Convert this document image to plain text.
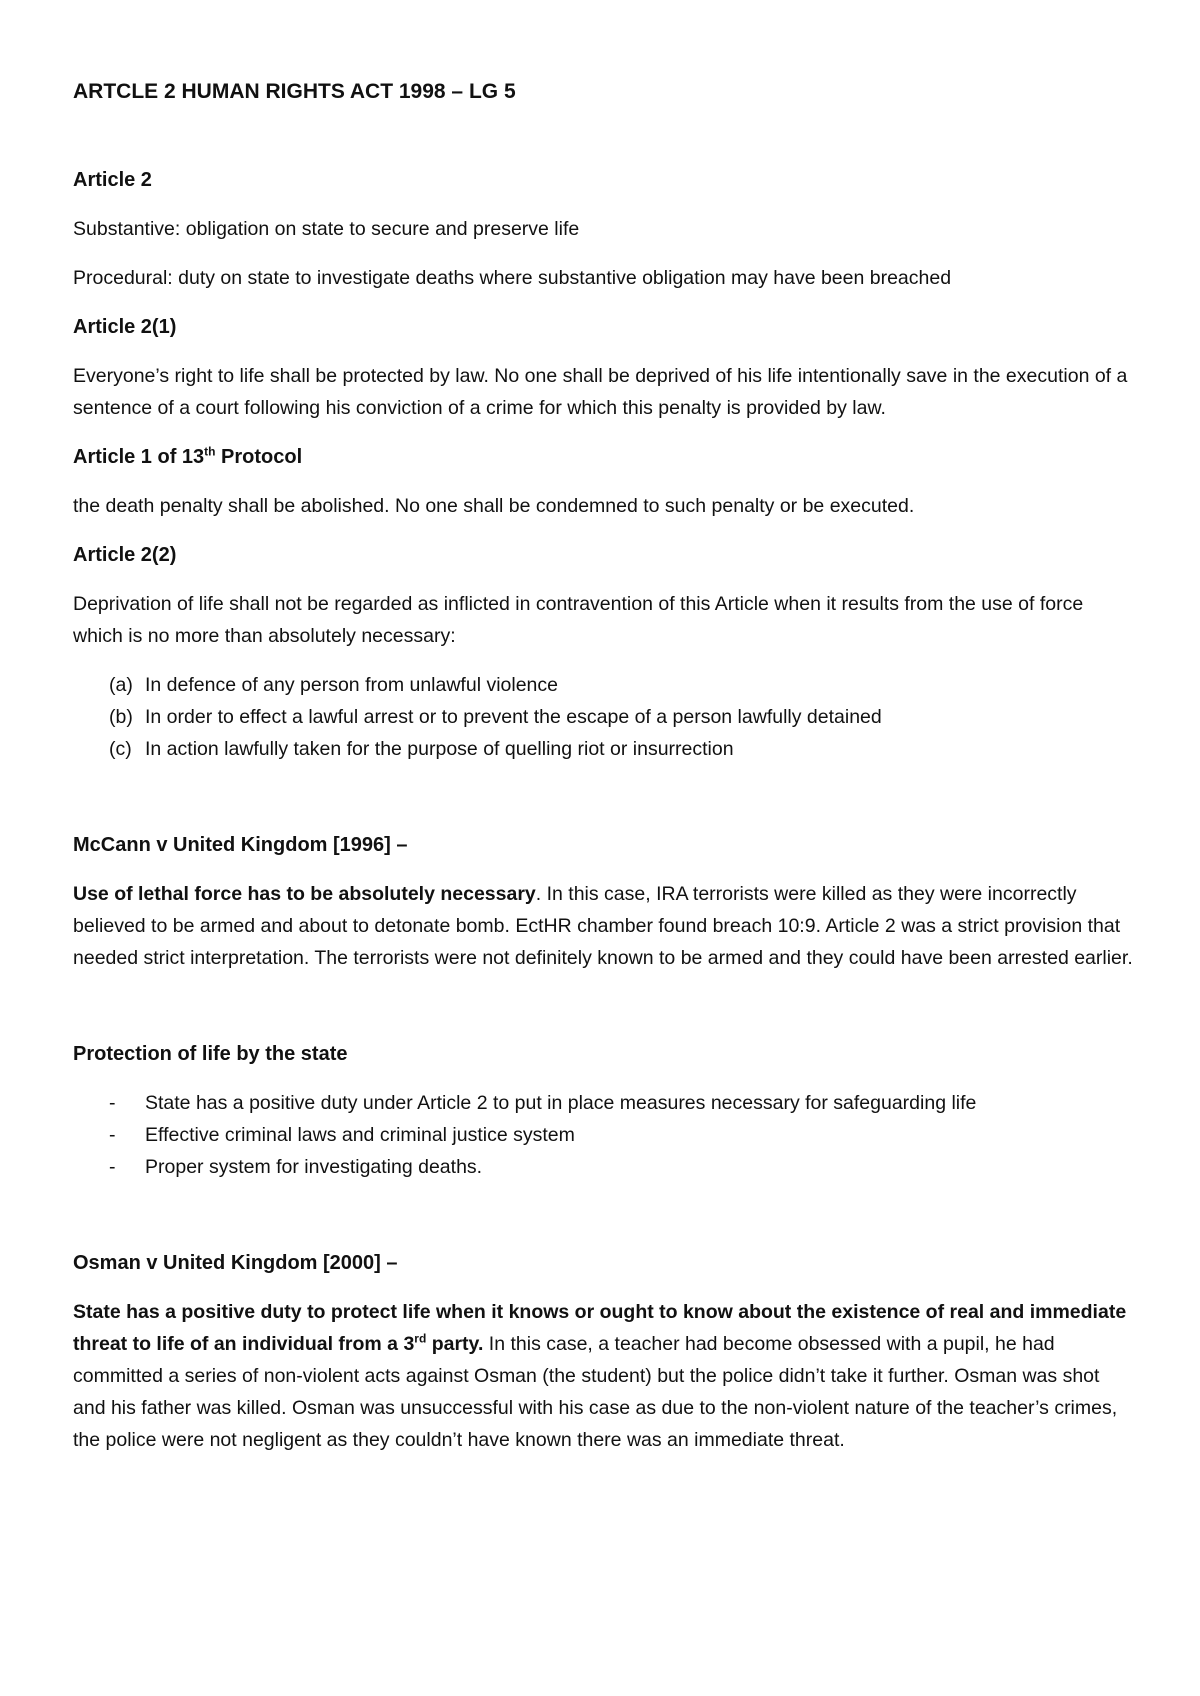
ARTCLE 2 HUMAN RIGHTS ACT 1998 – LG 5
Article 2

Substantive: obligation on state to secure and preserve life

Procedural: duty on state to investigate deaths where substantive obligation may have been breached

Article 2(1)

Everyone’s right to life shall be protected by law. No one shall be deprived of his life intentionally save in the execution of a sentence of a court following his conviction of a crime for which this penalty is provided by law.

Article 1 of 13th Protocol

the death penalty shall be abolished. No one shall be condemned to such penalty or be executed.

Article 2(2)

Deprivation of life shall not be regarded as inflicted in contravention of this Article when it results from the use of force which is no more than absolutely necessary:

(a) In defence of any person from unlawful violence
(b) In order to effect a lawful arrest or to prevent the escape of a person lawfully detained
(c) In action lawfully taken for the purpose of quelling riot or insurrection
McCann v United Kingdom [1996] –

Use of lethal force has to be absolutely necessary. In this case, IRA terrorists were killed as they were incorrectly believed to be armed and about to detonate bomb. EctHR chamber found breach 10:9. Article 2 was a strict provision that needed strict interpretation. The terrorists were not definitely known to be armed and they could have been arrested earlier.

Protection of life by the state
- State has a positive duty under Article 2 to put in place measures necessary for safeguarding life
- Effective criminal laws and criminal justice system
- Proper system for investigating deaths.
Osman v United Kingdom [2000] –

State has a positive duty to protect life when it knows or ought to know about the existence of real and immediate threat to life of an individual from a 3rd party. In this case, a teacher had become obsessed with a pupil, he had committed a series of non-violent acts against Osman (the student) but the police didn’t take it further. Osman was shot and his father was killed. Osman was unsuccessful with his case as due to the non-violent nature of the teacher’s crimes, the police were not negligent as they couldn’t have known there was an immediate threat.
